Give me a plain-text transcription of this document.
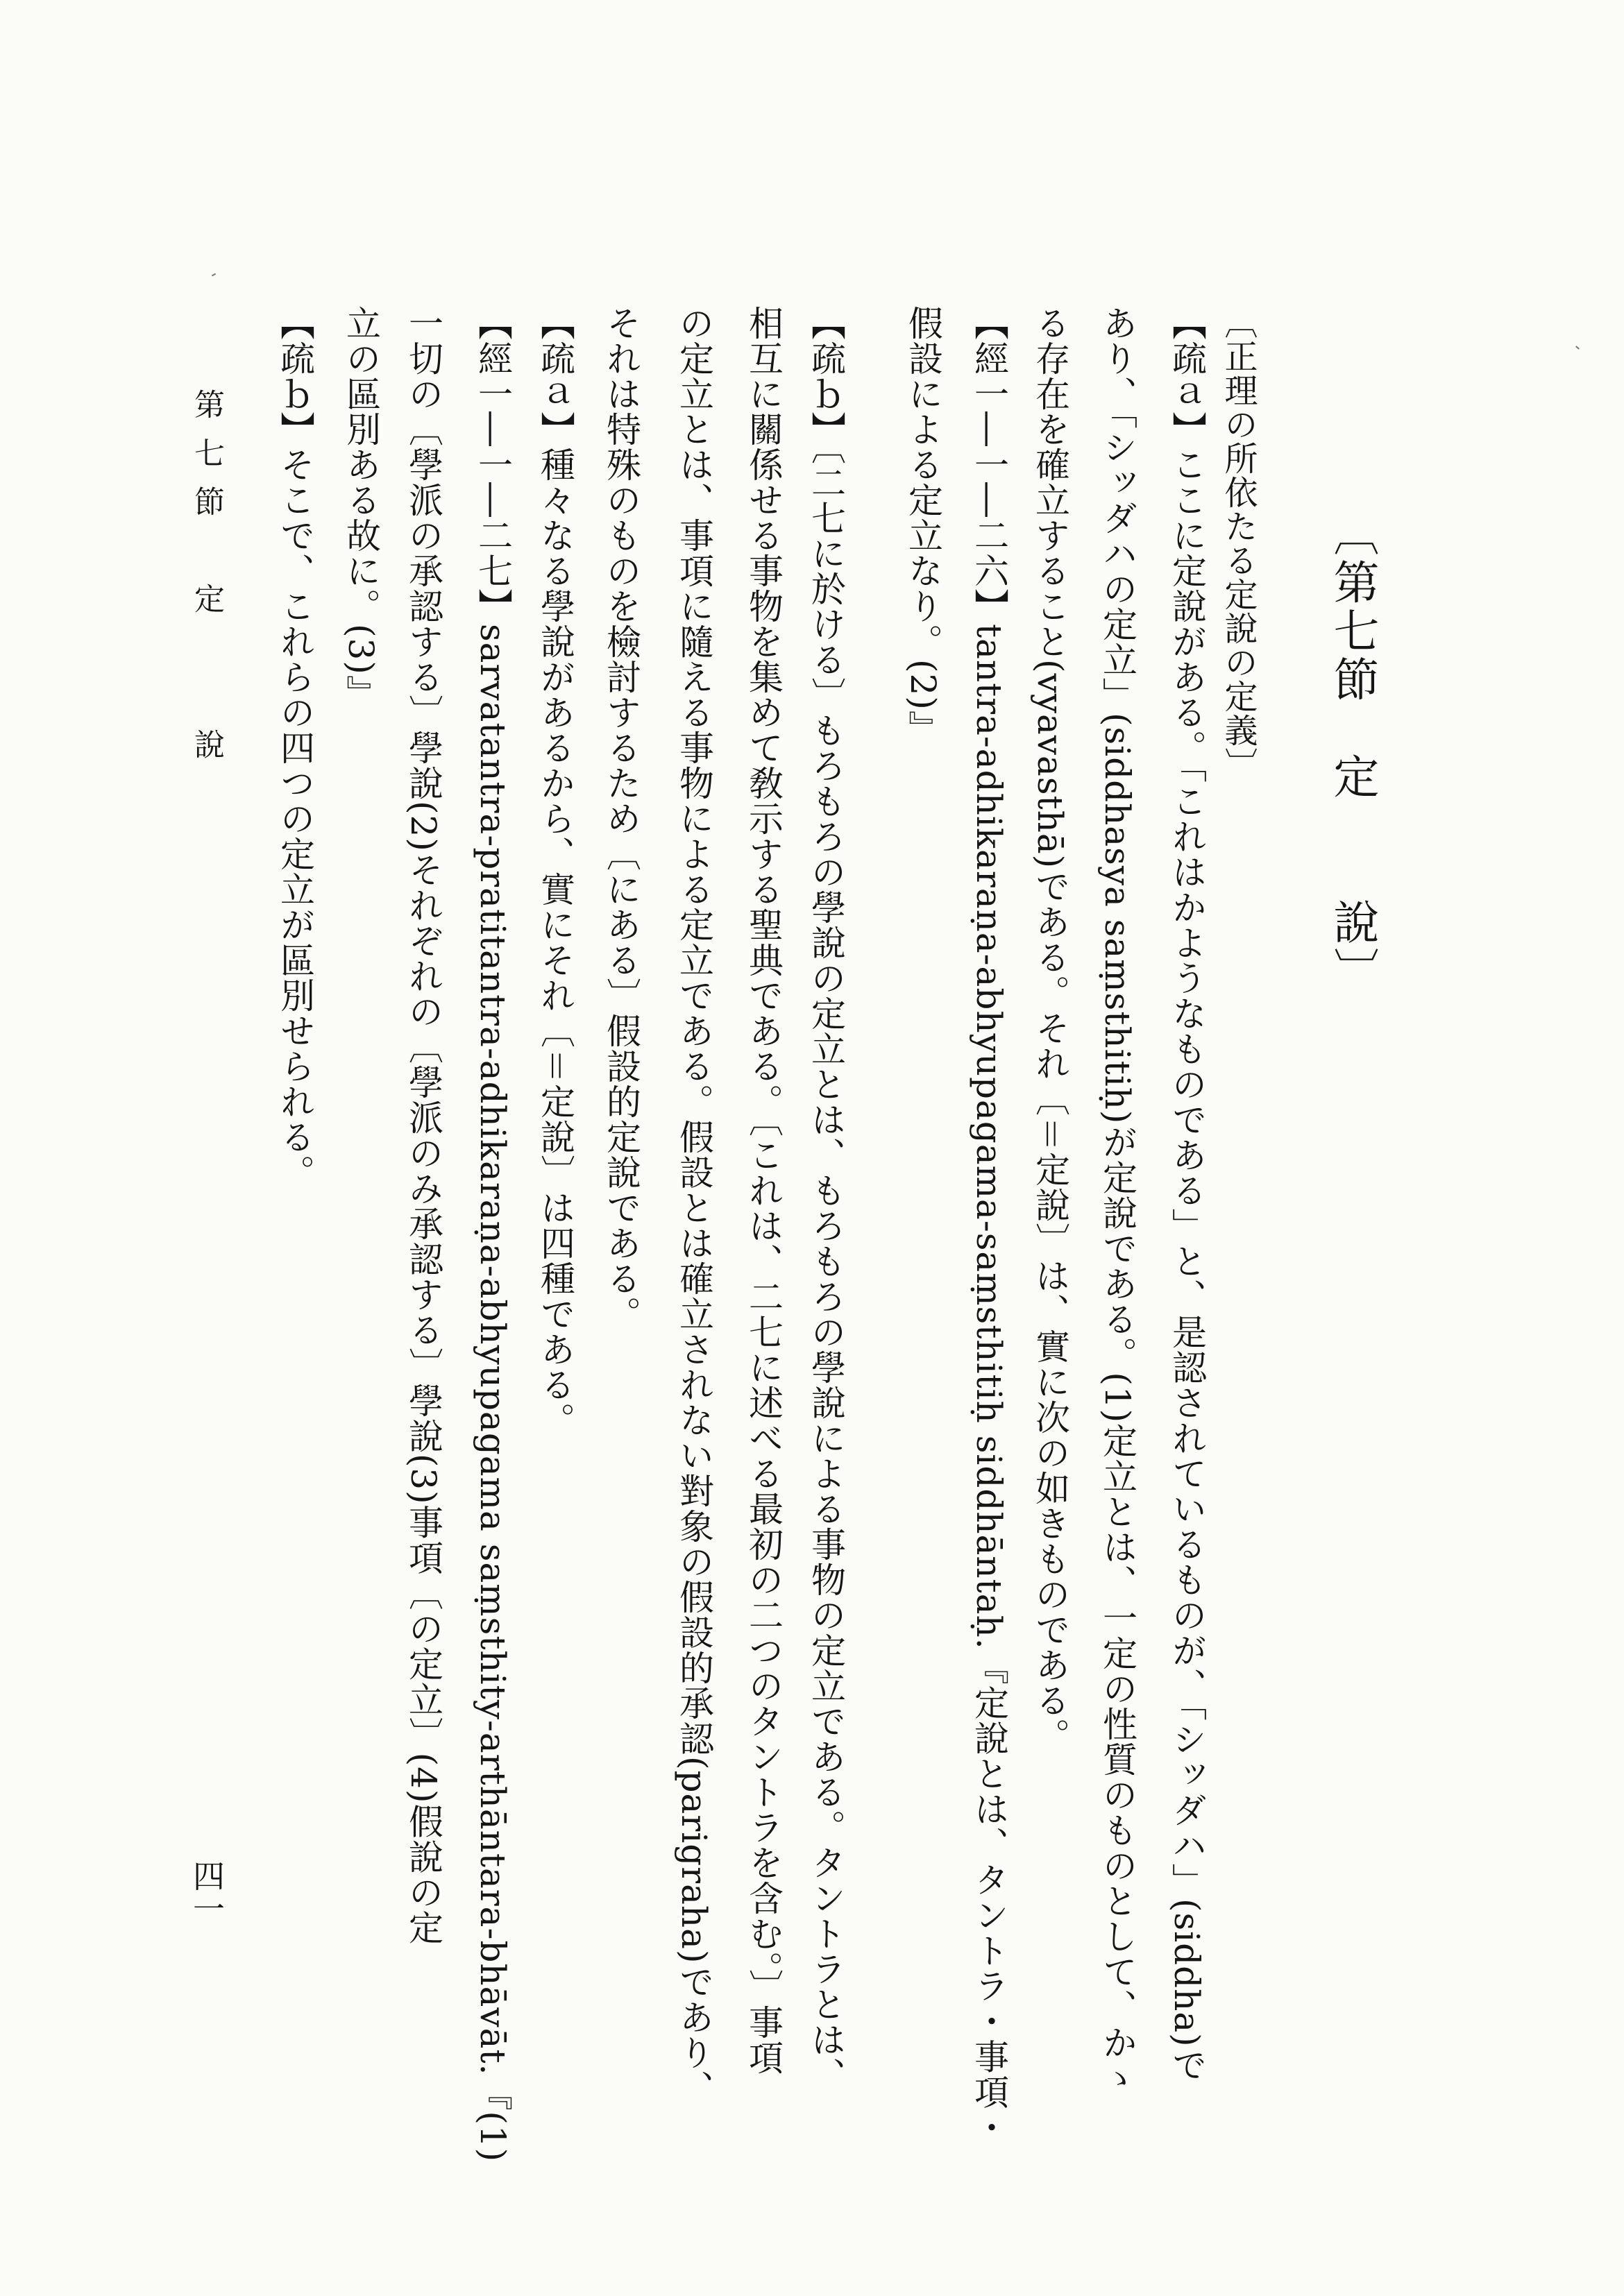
〔第七節　定　　說〕
〔正理の所依たる定說の定義〕
【疏ａ】ここに定說がある。「これはかようなものである」と、是認されているものが、「シッダハ」(siddha)で
あり、「シッダハの定立」(siddhasya saṃsthitiḥ)が定說である。(1)定立とは、一定の性質のものとして、かゝ
る存在を確立すること(vyavasthā)である。それ〔＝定說〕は、實に次の如きものである。
【經一―一―二六】tantra-adhikaraṇa-abhyupagama-saṃsthitiḥ siddhāntaḥ.『定說とは、タントラ・事項・
假設による定立なり。(2)』
【疏ｂ】〔二七に於ける〕もろもろの學說の定立とは、もろもろの學說による事物の定立である。タントラとは、
相互に關係せる事物を集めて敎示する聖典である。〔これは、二七に述べる最初の二つのタントラを含む。〕事項
の定立とは、事項に隨える事物による定立である。假設とは確立されない對象の假設的承認(parigraha)であり、
それは特殊のものを檢討するため〔にある〕假設的定說である。
【疏ａ】種々なる學說があるから、實にそれ〔＝定說〕は四種である。
【經一―一―二七】sarvatantra-pratitantra-adhikaraṇa-abhyupagama saṃsthity-arthāntara-bhāvāt.『(1)
一切の〔學派の承認する〕學說(2)それぞれの〔學派のみ承認する〕學說(3)事項〔の定立〕(4)假說の定
立の區別ある故に。(3)』
【疏ｂ】そこで、これらの四つの定立が區別せられる。
第七節　定　　說
四一
